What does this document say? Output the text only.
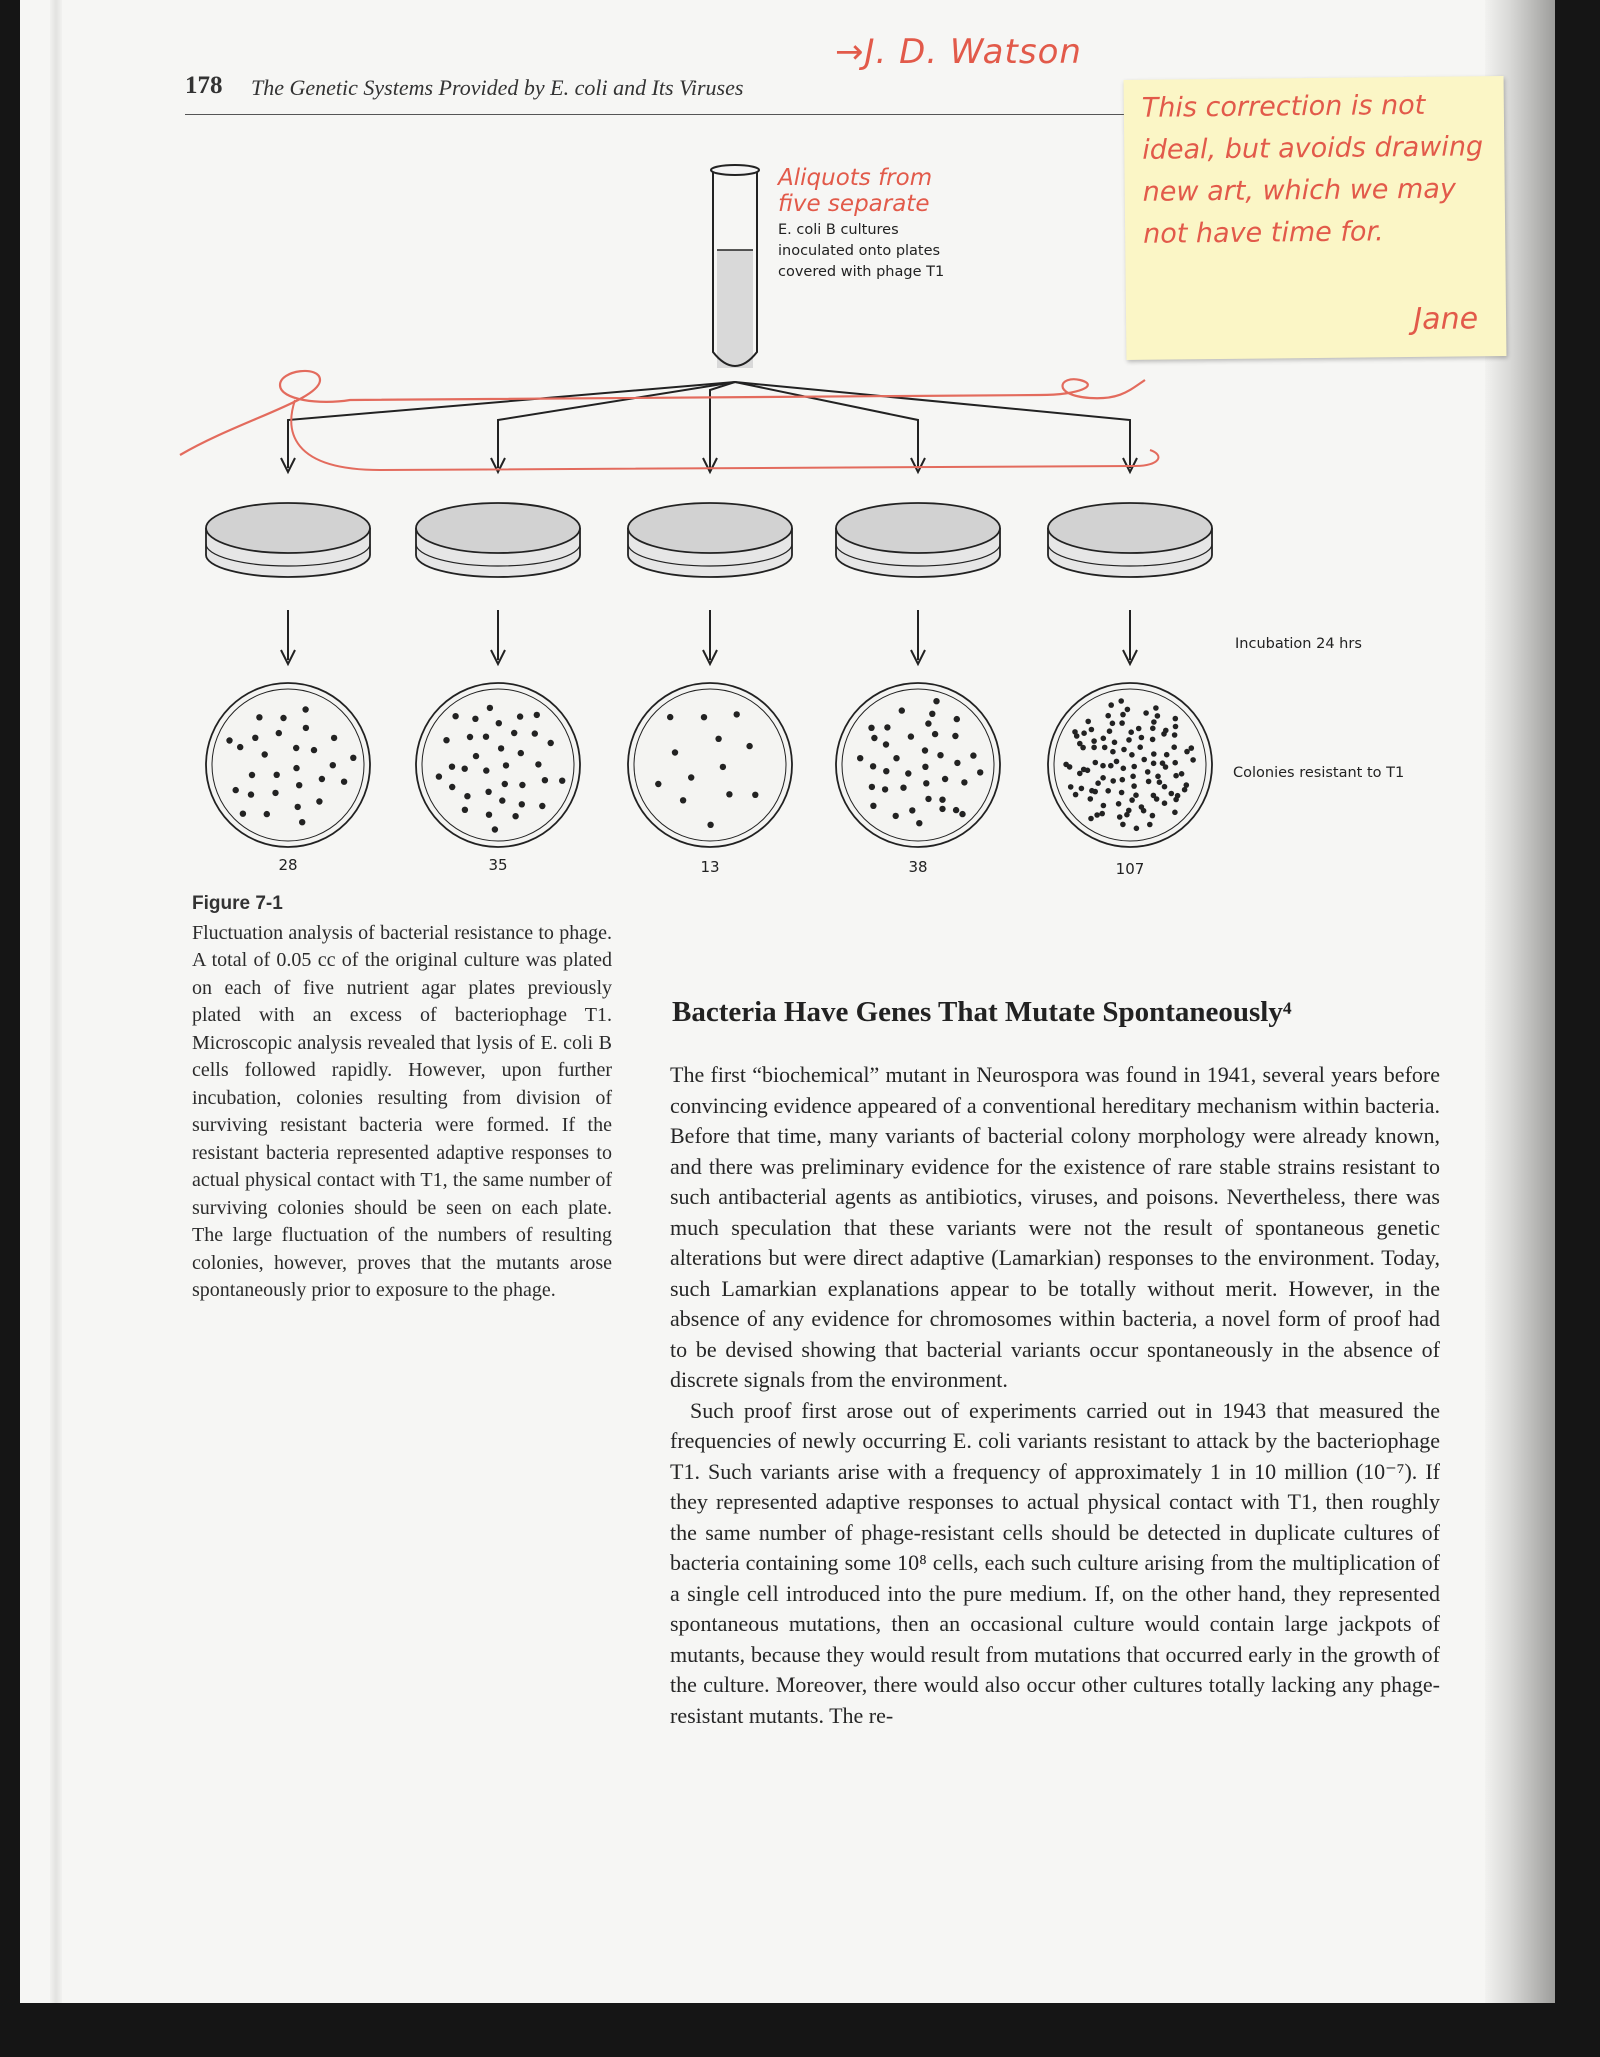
178 The Genetic Systems Provided by E. coli and Its Viruses
→J. D. Watson
Aliquots from
five separate
E. coli B cultures
inoculated onto plates
covered with phage T1
Incubation 24 hrs
Colonies resistant to T1
28	35	13	38	107
This correction is not ideal, but avoids drawing new art, which we may not have time for.
Jane
Figure 7-1
Fluctuation analysis of bacterial resistance to phage. A total of 0.05 cc of the original culture was plated on each of five nutrient agar plates previously plated with an excess of bacteriophage T1. Microscopic analysis revealed that lysis of E. coli B cells followed rapidly. However, upon further incubation, colonies resulting from division of surviving resistant bacteria were formed. If the resistant bacteria represented adaptive responses to actual physical contact with T1, the same number of surviving colonies should be seen on each plate. The large fluctuation of the numbers of resulting colonies, however, proves that the mutants arose spontaneously prior to exposure to the phage.
Bacteria Have Genes That Mutate Spontaneously⁴

The first “biochemical” mutant in Neurospora was found in 1941, several years before convincing evidence appeared of a conventional hereditary mechanism within bacteria. Before that time, many variants of bacterial colony morphology were already known, and there was preliminary evidence for the existence of rare stable strains resistant to such antibacterial agents as antibiotics, viruses, and poisons. Nevertheless, there was much speculation that these variants were not the result of spontaneous genetic alterations but were direct adaptive (Lamarkian) responses to the environment. Today, such Lamarkian explanations appear to be totally without merit. However, in the absence of any evidence for chromosomes within bacteria, a novel form of proof had to be devised showing that bacterial variants occur spontaneously in the absence of discrete signals from the environment.

Such proof first arose out of experiments carried out in 1943 that measured the frequencies of newly occurring E. coli variants resistant to attack by the bacteriophage T1. Such variants arise with a frequency of approximately 1 in 10 million (10⁻⁷). If they represented adaptive responses to actual physical contact with T1, then roughly the same number of phage-resistant cells should be detected in duplicate cultures of bacteria containing some 10⁸ cells, each such culture arising from the multiplication of a single cell introduced into the pure medium. If, on the other hand, they represented spontaneous mutations, then an occasional culture would contain large jackpots of mutants, because they would result from mutations that occurred early in the growth of the culture. Moreover, there would also occur other cultures totally lacking any phage-resistant mutants. The re-
